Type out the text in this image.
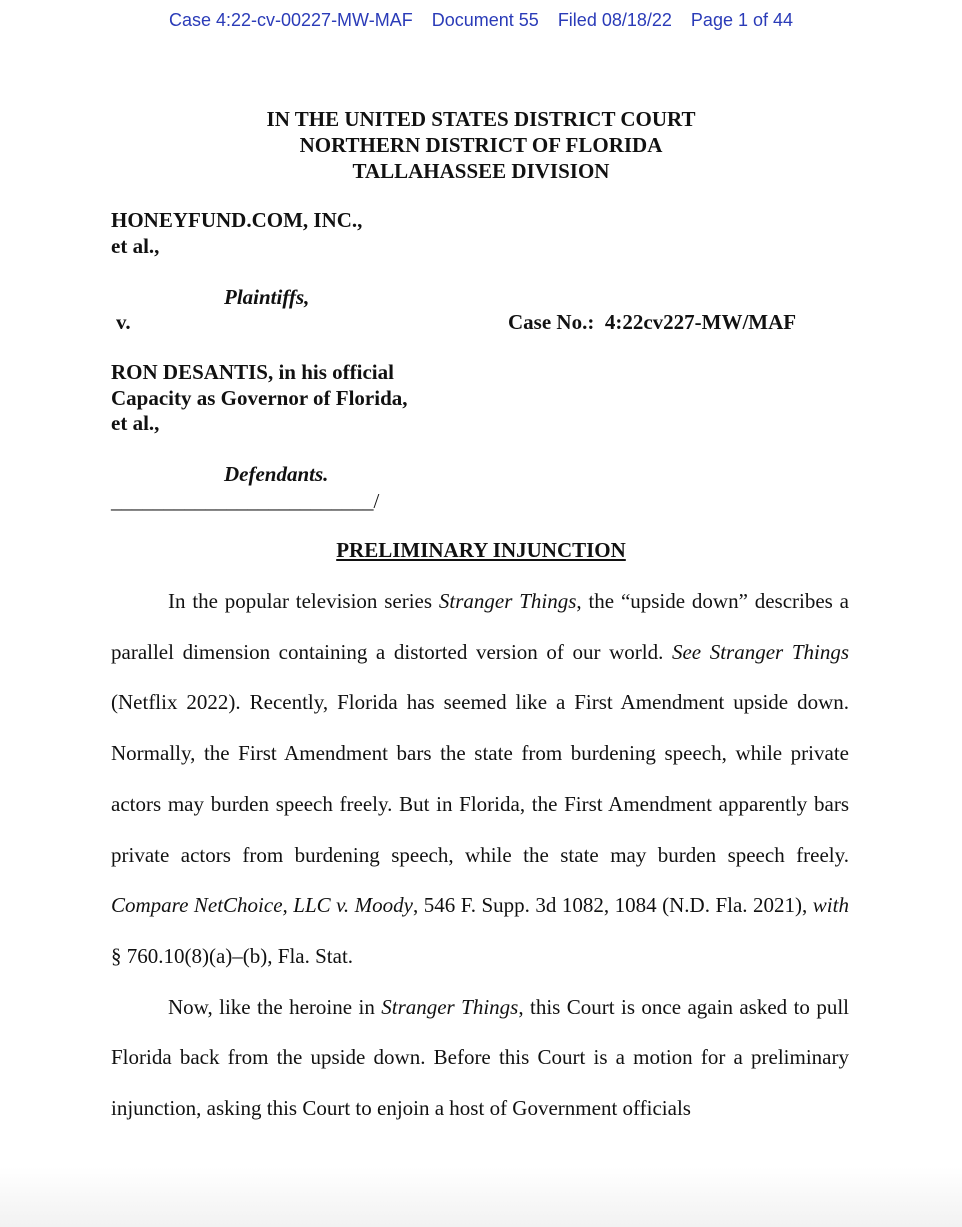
Case 4:22-cv-00227-MW-MAF Document 55 Filed 08/18/22 Page 1 of 44
IN THE UNITED STATES DISTRICT COURT
NORTHERN DISTRICT OF FLORIDA
TALLAHASSEE DIVISION
HONEYFUND.COM, INC.,
et al.,
Plaintiffs,
v.	Case No.: 4:22cv227-MW/MAF
RON DESANTIS, in his official
Capacity as Governor of Florida,
et al.,
Defendants.
_________________________/
PRELIMINARY INJUNCTION

In the popular television series Stranger Things, the “upside down” describes a parallel dimension containing a distorted version of our world. See Stranger Things (Netflix 2022). Recently, Florida has seemed like a First Amendment upside down. Normally, the First Amendment bars the state from burdening speech, while private actors may burden speech freely. But in Florida, the First Amendment apparently bars private actors from burdening speech, while the state may burden speech freely. Compare NetChoice, LLC v. Moody, 546 F. Supp. 3d 1082, 1084 (N.D. Fla. 2021), with § 760.10(8)(a)–(b), Fla. Stat.

Now, like the heroine in Stranger Things, this Court is once again asked to pull Florida back from the upside down. Before this Court is a motion for a preliminary injunction, asking this Court to enjoin a host of Government officials
